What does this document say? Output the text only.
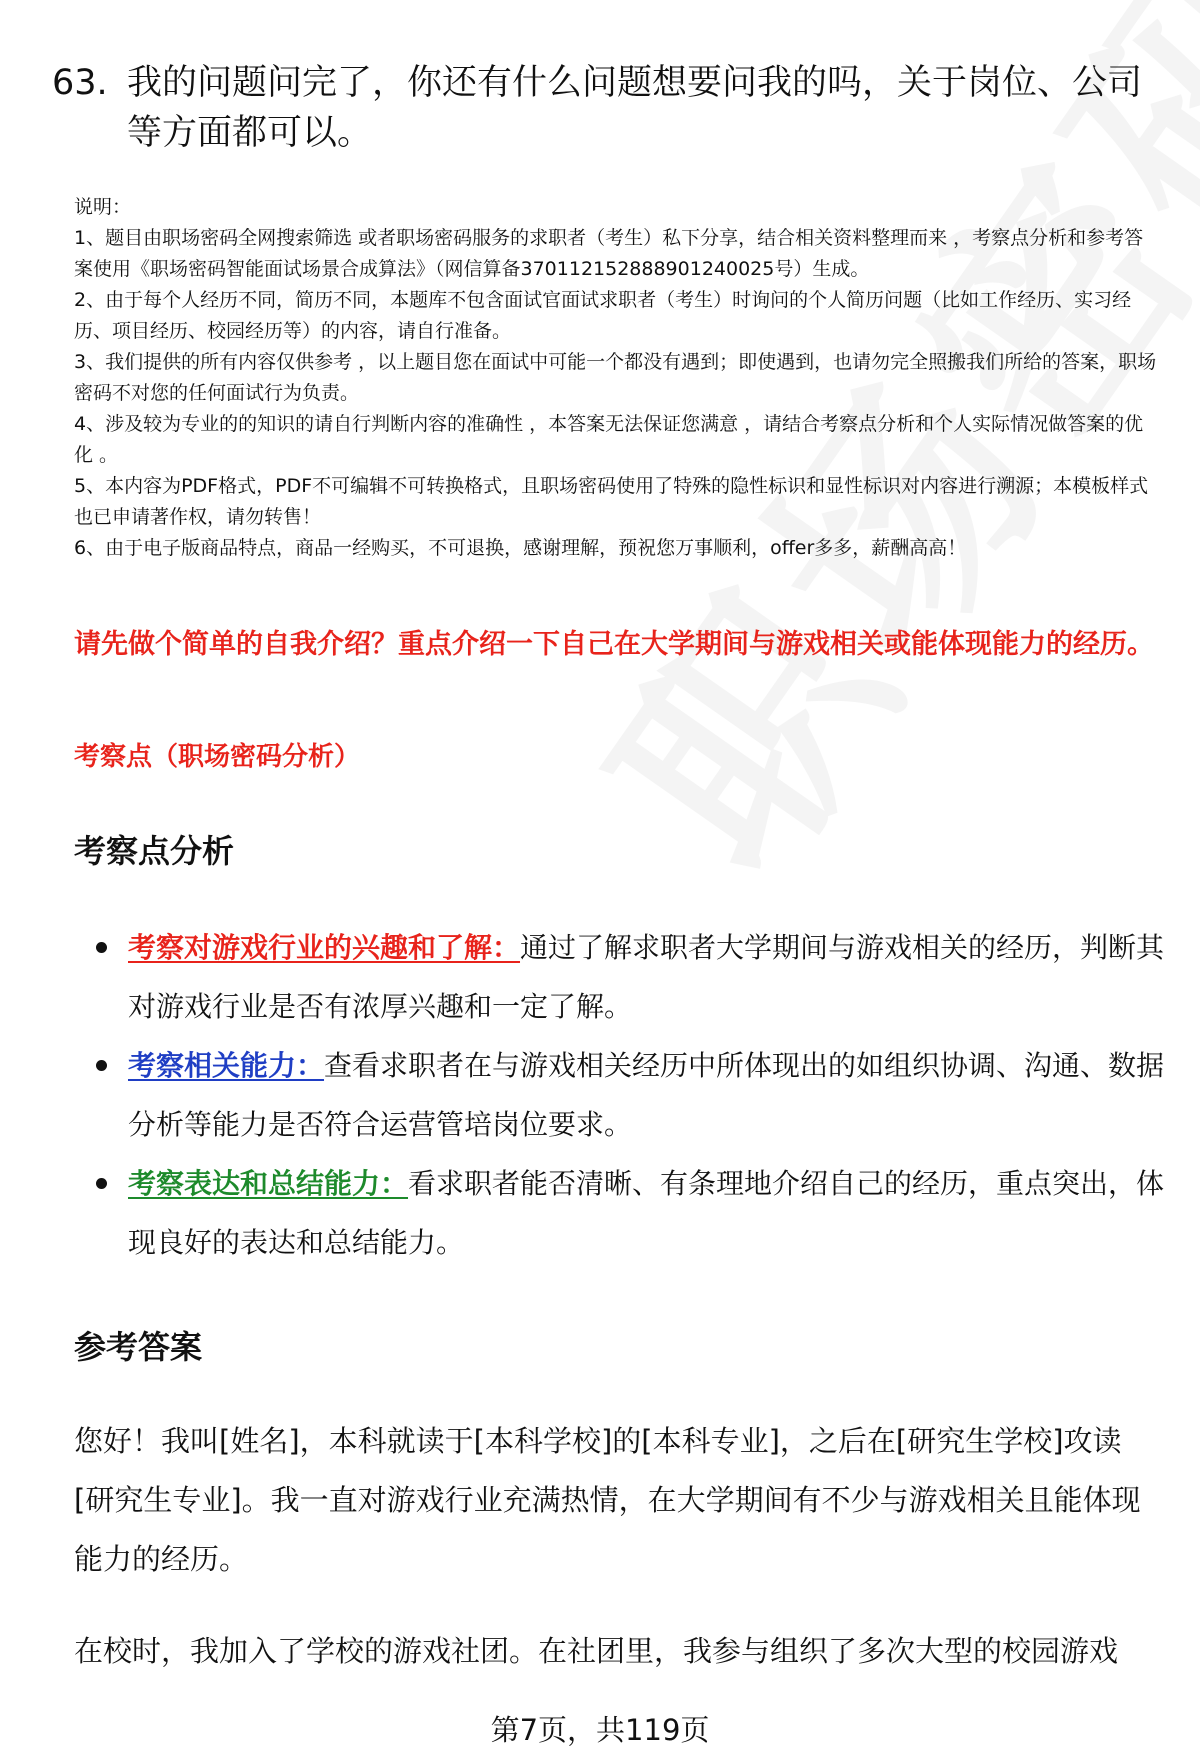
63. 我的问题问完了，你还有什么问题想要问我的吗，关于岗位、公司等方面都可以。

说明：

1、题目由职场密码全网搜索筛选 或者职场密码服务的求职者（考生）私下分享，结合相关资料整理而来 ，考察点分析和参考答案使用《职场密码智能面试场景合成算法》（网信算备370112152888901240025号）生成。

2、由于每个人经历不同，简历不同，本题库不包含面试官面试求职者（考生）时询问的个人简历问题（比如工作经历、实习经历、项目经历、校园经历等）的内容，请自行准备。

3、我们提供的所有内容仅供参考 ，以上题目您在面试中可能一个都没有遇到；即使遇到，也请勿完全照搬我们所给的答案，职场密码不对您的任何面试行为负责。

4、涉及较为专业的的知识的请自行判断内容的准确性 ，本答案无法保证您满意 ，请结合考察点分析和个人实际情况做答案的优化 。

5、本内容为PDF格式，PDF不可编辑不可转换格式，且职场密码使用了特殊的隐性标识和显性标识对内容进行溯源；本模板样式也已申请著作权，请勿转售！

6、由于电子版商品特点，商品一经购买，不可退换，感谢理解，预祝您万事顺利，offer多多，薪酬高高！

请先做个简单的自我介绍？重点介绍一下自己在大学期间与游戏相关或能体现能力的经历。
考察点（职场密码分析）
考察点分析
考察对游戏行业的兴趣和了解：通过了解求职者大学期间与游戏相关的经历，判断其对游戏行业是否有浓厚兴趣和一定了解。
考察相关能力：查看求职者在与游戏相关经历中所体现出的如组织协调、沟通、数据分析等能力是否符合运营管培岗位要求。
考察表达和总结能力：看求职者能否清晰、有条理地介绍自己的经历，重点突出，体现良好的表达和总结能力。
参考答案

您好！我叫[姓名]，本科就读于[本科学校]的[本科专业]，之后在[研究生学校]攻读[研究生专业]。我一直对游戏行业充满热情，在大学期间有不少与游戏相关且能体现能力的经历。

在校时，我加入了学校的游戏社团。在社团里，我参与组织了多次大型的校园游戏

第7页，共119页
